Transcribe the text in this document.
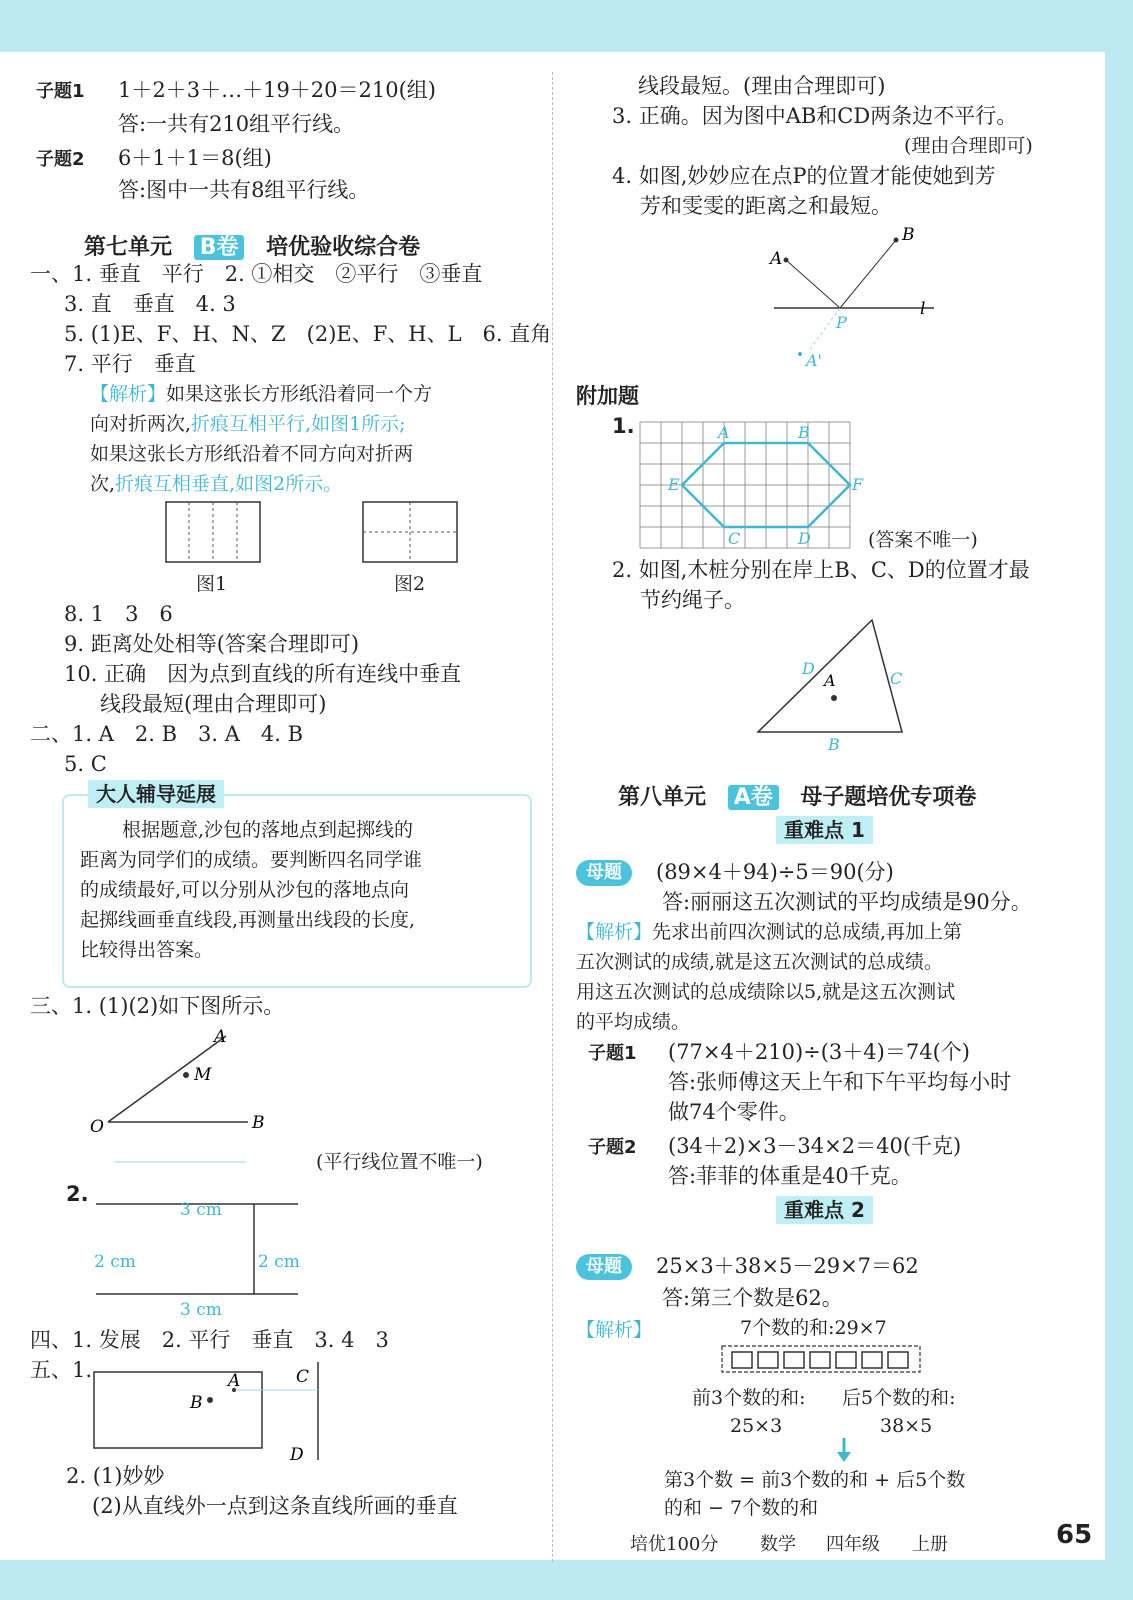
子题1 1＋2＋3＋…＋19＋20＝210(组)
答:一共有210组平行线。
子题2 6＋1＋1＝8(组)
答:图中一共有8组平行线。
第七单元 B卷 培优验收综合卷
一、1. 垂直　平行　2. ①相交　②平行　③垂直
3. 直　垂直　4. 3
5. (1)E、F、H、N、Z　(2)E、F、H、L　6. 直角
7. 平行　垂直
【解析】如果这张长方形纸沿着同一个方
向对折两次,折痕互相平行,如图1所示;
如果这张长方形纸沿着不同方向对折两
次,折痕互相垂直,如图2所示。
图1	图2
8. 1　3　6
9. 距离处处相等(答案合理即可)
10. 正确　因为点到直线的所有连线中垂直
线段最短(理由合理即可)
二、1. A　2. B　3. A　4. B
5. C
大人辅导延展
根据题意,沙包的落地点到起掷线的
距离为同学们的成绩。要判断四名同学谁
的成绩最好,可以分别从沙包的落地点向
起掷线画垂直线段,再测量出线段的长度,
比较得出答案。
三、1. (1)(2)如下图所示。
A
M
O	B
(平行线位置不唯一)
2.
3 cm
2 cm	2 cm
3 cm
四、1. 发展　2. 平行　垂直　3. 4　3
五、1.
B
A	C
D
2. (1)妙妙
(2)从直线外一点到这条直线所画的垂直
线段最短。(理由合理即可)
3. 正确。因为图中AB和CD两条边不平行。
(理由合理即可)
4. 如图,妙妙应在点P的位置才能使她到芳
芳和雯雯的距离之和最短。
A
B
l
P
A'
附加题
1.	A	B
E	F
C	D	(答案不唯一)
2. 如图,木桩分别在岸上B、C、D的位置才最
节约绳子。
A
D
C
B
第八单元 A卷 母子题培优专项卷
重难点 1
母题	(89×4＋94)÷5＝90(分)
答:丽丽这五次测试的平均成绩是90分。
【解析】先求出前四次测试的总成绩,再加上第
五次测试的成绩,就是这五次测试的总成绩。
用这五次测试的总成绩除以5,就是这五次测试
的平均成绩。
子题1 (77×4＋210)÷(3＋4)＝74(个)
答:张师傅这天上午和下午平均每小时
做74个零件。
子题2 (34＋2)×3－34×2＝40(千克)
答:菲菲的体重是40千克。
重难点 2
母题	25×3＋38×5－29×7＝62
答:第三个数是62。
【解析】	7个数的和:29×7
前3个数的和: 后5个数的和:
25×3	38×5
第3个数 = 前3个数的和 + 后5个数
的和 − 7个数的和
培优100分 数学 四年级 上册	65
